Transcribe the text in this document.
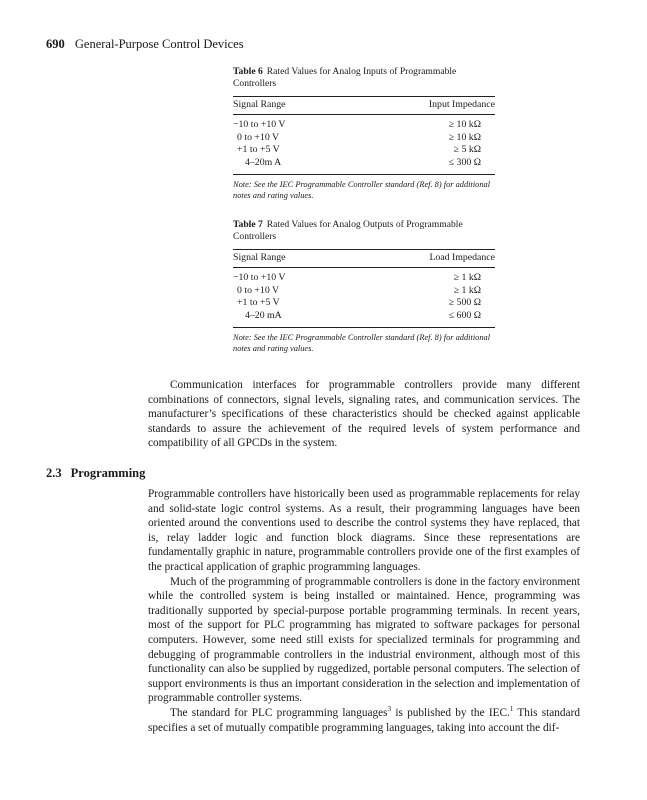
690 General-Purpose Control Devices

Table 6 Rated Values for Analog Inputs of Programmable Controllers

Signal Range	Input Impedance

−10 to +10 V	≥ 10 kΩ
0 to +10 V	≥ 10 kΩ
+1 to +5 V	≥ 5 kΩ
4–20m A	≤ 300 Ω
Note: See the IEC Programmable Controller standard (Ref. 8) for additional notes and rating values.

Table 7 Rated Values for Analog Outputs of Programmable Controllers

Signal Range	Load Impedance

−10 to +10 V	≥ 1 kΩ
0 to +10 V	≥ 1 kΩ
+1 to +5 V	≥ 500 Ω
4–20 mA	≤ 600 Ω
Note: See the IEC Programmable Controller standard (Ref. 8) for additional notes and rating values.

Communication interfaces for programmable controllers provide many different combinations of connectors, signal levels, signaling rates, and communication services. The manufacturer’s specifications of these characteristics should be checked against applicable standards to assure the achievement of the required levels of system performance and compatibility of all GPCDs in the system.

2.3 Programming

Programmable controllers have historically been used as programmable replacements for relay and solid-state logic control systems. As a result, their programming languages have been oriented around the conventions used to describe the control systems they have replaced, that is, relay ladder logic and function block diagrams. Since these representations are fundamentally graphic in nature, programmable controllers provide one of the first examples of the practical application of graphic programming languages.

Much of the programming of programmable controllers is done in the factory environment while the controlled system is being installed or maintained. Hence, programming was traditionally supported by special-purpose portable programming terminals. In recent years, most of the support for PLC programming has migrated to software packages for personal computers. However, some need still exists for specialized terminals for programming and debugging of programmable controllers in the industrial environment, although most of this functionality can also be supplied by ruggedized, portable personal computers. The selection of support environments is thus an important consideration in the selection and implementation of programmable controller systems.

The standard for PLC programming languages$^3$ is published by the IEC.$^1$ This standard specifies a set of mutually compatible programming languages, taking into account the dif-
